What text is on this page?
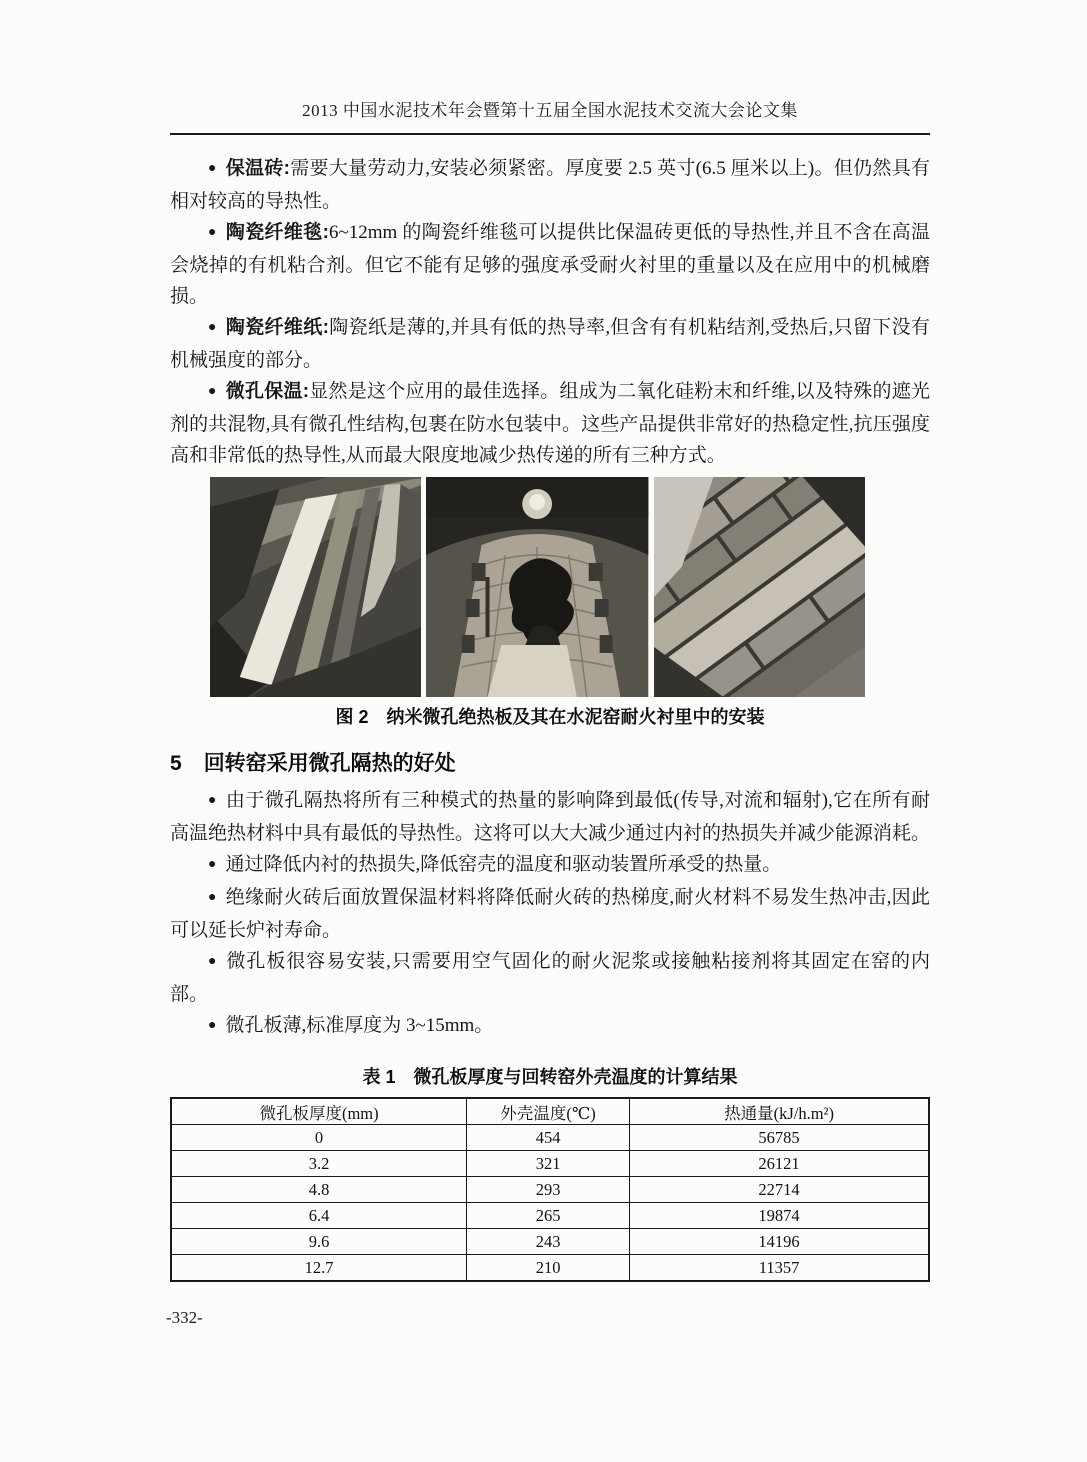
2013 中国水泥技术年会暨第十五届全国水泥技术交流大会论文集

● 保温砖:需要大量劳动力,安装必须紧密。厚度要 2.5 英寸(6.5 厘米以上)。但仍然具有相对较高的导热性。

● 陶瓷纤维毯:6~12mm 的陶瓷纤维毯可以提供比保温砖更低的导热性,并且不含在高温会烧掉的有机粘合剂。但它不能有足够的强度承受耐火衬里的重量以及在应用中的机械磨损。

● 陶瓷纤维纸:陶瓷纸是薄的,并具有低的热导率,但含有有机粘结剂,受热后,只留下没有机械强度的部分。

● 微孔保温:显然是这个应用的最佳选择。组成为二氧化硅粉末和纤维,以及特殊的遮光剂的共混物,具有微孔性结构,包裹在防水包装中。这些产品提供非常好的热稳定性,抗压强度高和非常低的热导性,从而最大限度地减少热传递的所有三种方式。

图 2　纳米微孔绝热板及其在水泥窑耐火衬里中的安装

5 回转窑采用微孔隔热的好处

● 由于微孔隔热将所有三种模式的热量的影响降到最低(传导,对流和辐射),它在所有耐高温绝热材料中具有最低的导热性。这将可以大大减少通过内衬的热损失并减少能源消耗。

● 通过降低内衬的热损失,降低窑壳的温度和驱动装置所承受的热量。

● 绝缘耐火砖后面放置保温材料将降低耐火砖的热梯度,耐火材料不易发生热冲击,因此可以延长炉衬寿命。

● 微孔板很容易安装,只需要用空气固化的耐火泥浆或接触粘接剂将其固定在窑的内部。

● 微孔板薄,标准厚度为 3~15mm。

表 1　微孔板厚度与回转窑外壳温度的计算结果

微孔板厚度(mm)	外壳温度(℃)	热通量(kJ/h.m²)
0	454	56785
3.2	321	26121
4.8	293	22714
6.4	265	19874
9.6	243	14196
12.7	210	11357

-332-
